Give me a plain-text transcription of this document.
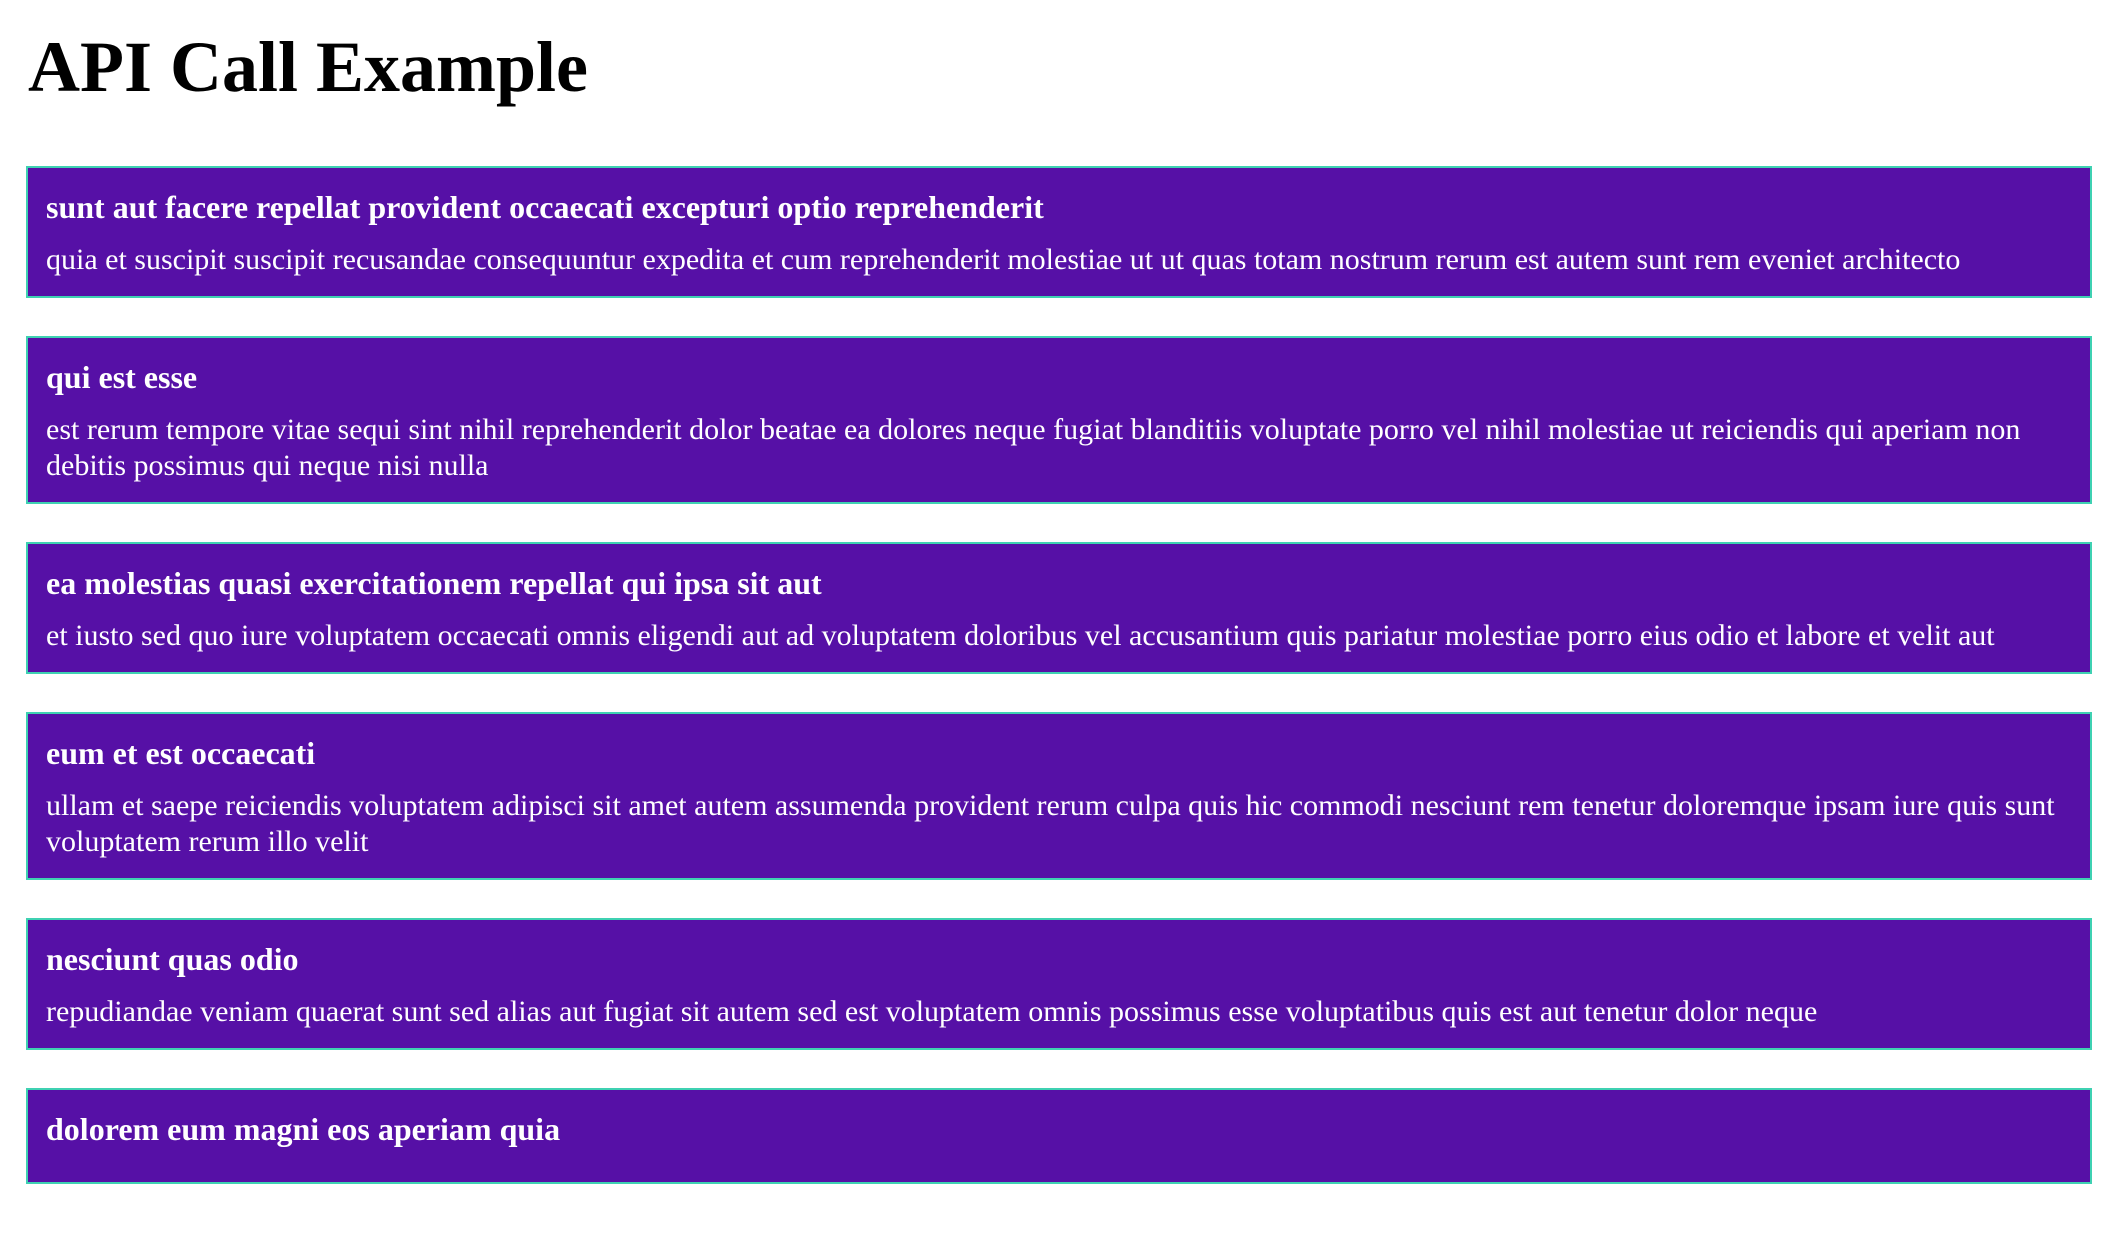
API Call Example
sunt aut facere repellat provident occaecati excepturi optio reprehenderit

quia et suscipit suscipit recusandae consequuntur expedita et cum reprehenderit molestiae ut ut quas totam nostrum rerum est autem sunt rem eveniet architecto

qui est esse

est rerum tempore vitae sequi sint nihil reprehenderit dolor beatae ea dolores neque fugiat blanditiis voluptate porro vel nihil molestiae ut reiciendis qui aperiam non debitis possimus qui neque nisi nulla

ea molestias quasi exercitationem repellat qui ipsa sit aut

et iusto sed quo iure voluptatem occaecati omnis eligendi aut ad voluptatem doloribus vel accusantium quis pariatur molestiae porro eius odio et labore et velit aut

eum et est occaecati

ullam et saepe reiciendis voluptatem adipisci sit amet autem assumenda provident rerum culpa quis hic commodi nesciunt rem tenetur doloremque ipsam iure quis sunt voluptatem rerum illo velit

nesciunt quas odio

repudiandae veniam quaerat sunt sed alias aut fugiat sit autem sed est voluptatem omnis possimus esse voluptatibus quis est aut tenetur dolor neque

dolorem eum magni eos aperiam quia
